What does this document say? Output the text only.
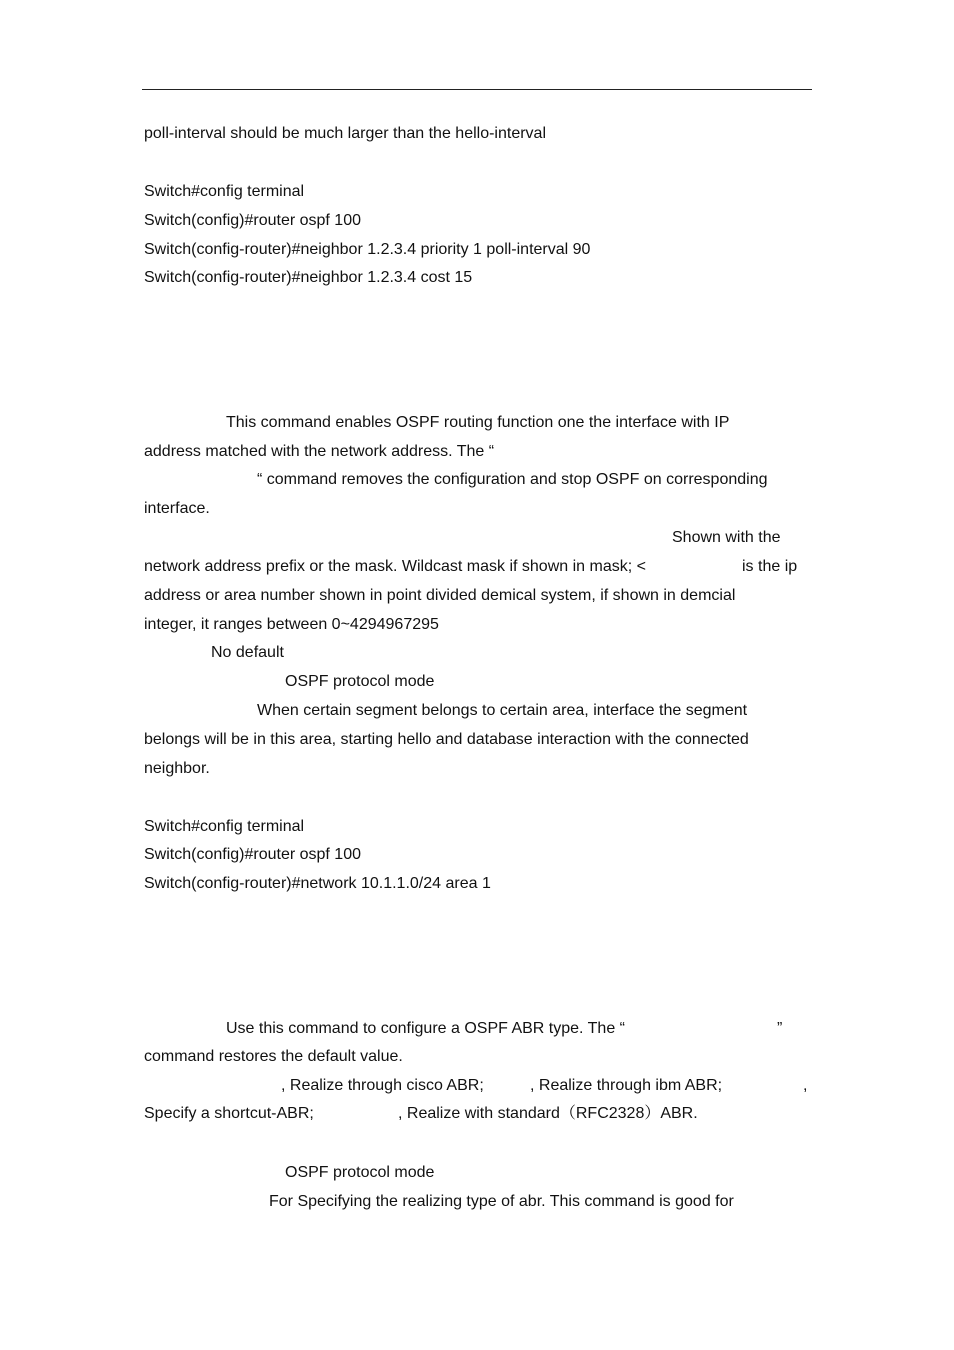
poll-interval should be much larger than the hello-interval
Switch#config terminal
Switch(config)#router ospf 100
Switch(config-router)#neighbor 1.2.3.4 priority 1 poll-interval 90
Switch(config-router)#neighbor 1.2.3.4 cost 15
This command enables OSPF routing function one the interface with IP
address matched with the network address. The “
“ command removes the configuration and stop OSPF on corresponding
interface.
Shown with the
network address prefix or the mask. Wildcast mask if shown in mask; <	is the ip
address or area number shown in point divided demical system, if shown in demcial
integer, it ranges between 0~4294967295
No default
OSPF protocol mode
When certain segment belongs to certain area, interface the segment
belongs will be in this area, starting hello and database interaction with the connected
neighbor.
Switch#config terminal
Switch(config)#router ospf 100
Switch(config-router)#network 10.1.1.0/24 area 1
Use this command to configure a OSPF ABR type. The “	”
command restores the default value.
, Realize through cisco ABR;	, Realize through ibm ABR;	,
Specify a shortcut-ABR;	, Realize with standard（RFC2328）ABR.
OSPF protocol mode
For Specifying the realizing type of abr. This command is good for
